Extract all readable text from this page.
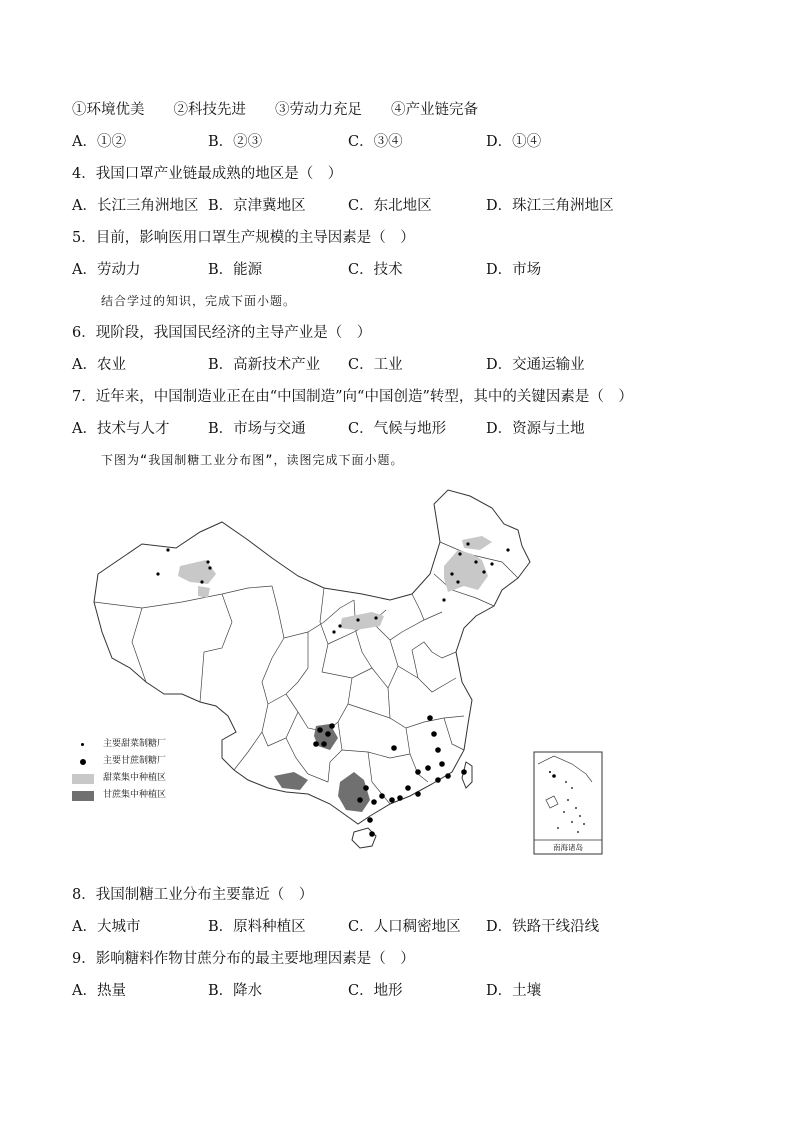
①环境优美　　②科技先进　　③劳动力充足　　④产业链完备
A．①②	B．②③	C．③④	D．①④
4．我国口罩产业链最成熟的地区是（　）
A．长江三角洲地区 B．京津冀地区	C．东北地区	D．珠江三角洲地区
5．目前，影响医用口罩生产规模的主导因素是（　）
A．劳动力	B．能源	C．技术	D．市场
结合学过的知识，完成下面小题。
6．现阶段，我国国民经济的主导产业是（　）
A．农业	B．高新技术产业 C．工业	D．交通运输业
7．近年来，中国制造业正在由“中国制造”向“中国创造”转型，其中的关键因素是（　）
A．技术与人才	B．市场与交通	C．气候与地形	D．资源与土地
下图为“我国制糖工业分布图”，读图完成下面小题。
南海诸岛
主要甜菜制糖厂
主要甘蔗制糖厂
甜菜集中种植区
甘蔗集中种植区
8．我国制糖工业分布主要靠近（　）
A．大城市	B．原料种植区	C．人口稠密地区 D．铁路干线沿线
9．影响糖料作物甘蔗分布的最主要地理因素是（　）
A．热量	B．降水	C．地形	D．土壤
